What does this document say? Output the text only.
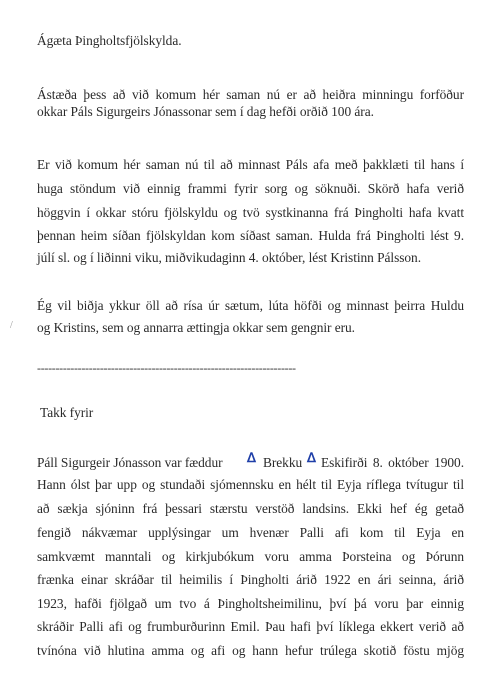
Ágæta Þingholtsfjölskylda.
Ástæða þess að við komum hér saman nú er að heiðra minningu forföður
okkar Páls Sigurgeirs Jónassonar sem í dag hefði orðið 100 ára.
Er við komum hér saman nú til að minnast Páls afa með þakklæti til hans í
huga stöndum við einnig frammi fyrir sorg og söknuði. Skörð hafa verið
höggvin í okkar stóru fjölskyldu og tvö systkinanna frá Þingholti hafa kvatt
þennan heim síðan fjölskyldan kom síðast saman. Hulda frá Þingholti lést 9.
júlí sl. og í liðinni viku, miðvikudaginn 4. október, lést Kristinn Pálsson.
Ég vil biðja ykkur öll að rísa úr sætum, lúta höfði og minnast þeirra Huldu
og Kristins, sem og annarra ættingja okkar sem gengnir eru.
----------------------------------------------------------------------
Takk fyrir
Páll Sigurgeir Jónasson var fæddur ᐃ Brekku ᐃ Eskifirði 8. október 1900.
Hann ólst þar upp og stundaði sjómennsku en hélt til Eyja ríflega tvítugur til
að sækja sjóninn frá þessari stærstu verstöð landsins. Ekki hef ég getað
fengið nákvæmar upplýsingar um hvenær Palli afi kom til Eyja en
samkvæmt manntali og kirkjubókum voru amma Þorsteina og Þórunn
frænka einar skráðar til heimilis í Þingholti árið 1922 en ári seinna, árið
1923, hafði fjölgað um tvo á Þingholtsheimilinu, því þá voru þar einnig
skráðir Palli afi og frumburðurinn Emil. Þau hafi því líklega ekkert verið að
tvínóna við hlutina amma og afi og hann hefur trúlega skotið föstu mjög
/
